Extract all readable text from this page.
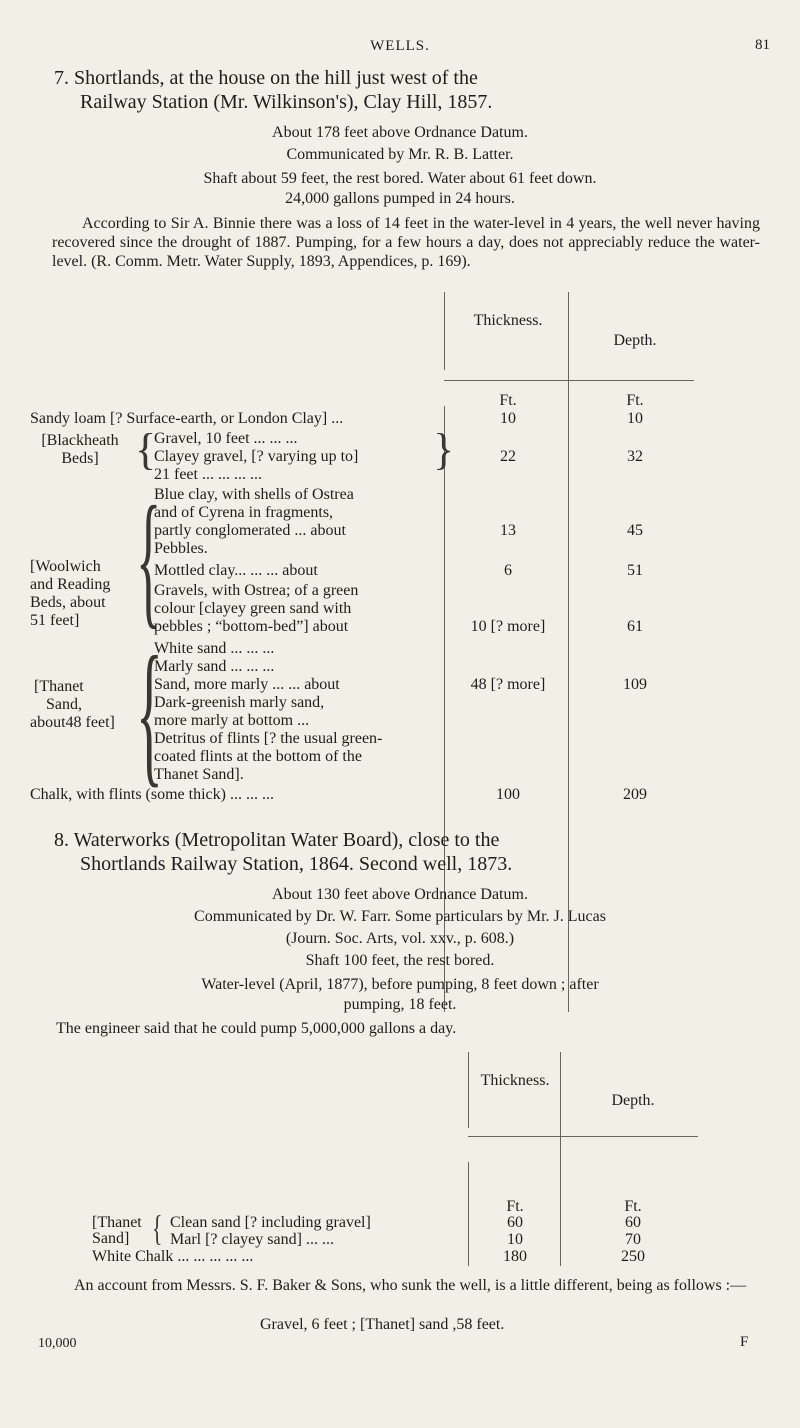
WELLS.	81
7. Shortlands, at the house on the hill just west of the
Railway Station (Mr. Wilkinson's), Clay Hill, 1857.
About 178 feet above Ordnance Datum.
Communicated by Mr. R. B. Latter.
Shaft about 59 feet, the rest bored. Water about 61 feet down.
24,000 gallons pumped in 24 hours.
According to Sir A. Binnie there was a loss of 14 feet in the water-level in 4 years, the well never having recovered since the drought of 1887. Pumping, for a few hours a day, does not appreciably reduce the water-level. (R. Comm. Metr. Water Supply, 1893, Appendices, p. 169).
Thickness.
Depth.
Ft.	Ft.
Sandy loam [? Surface-earth, or London Clay] ...	10	10
[Blackheath Beds] {
Gravel, 10 feet ... ... ...
Clayey gravel, [? varying up to]
21 feet ... ... ... ...
}	22	32
[Woolwich
and Reading
Beds, about
51 feet] {
Blue clay, with shells of Ostrea
and of Cyrena in fragments,
partly conglomerated ... about
Pebbles.
13	45
Mottled clay... ... ... about	6	51
Gravels, with Ostrea; of a green
colour [clayey green sand with
pebbles ; “bottom-bed”] about	10 [? more]	61
[Thanet
Sand,
about48 feet] {
White sand ... ... ...
Marly sand ... ... ...
Sand, more marly ... ... about
Dark-greenish marly sand,
more marly at bottom ...
Detritus of flints [? the usual green-
coated flints at the bottom of the
Thanet Sand].
48 [? more]	109
Chalk, with flints (some thick) ... ... ...	100	209
8. Waterworks (Metropolitan Water Board), close to the
Shortlands Railway Station, 1864. Second well, 1873.
About 130 feet above Ordnance Datum.
Communicated by Dr. W. Farr. Some particulars by Mr. J. Lucas
(Journ. Soc. Arts, vol. xxv., p. 608.)
Shaft 100 feet, the rest bored.
Water-level (April, 1877), before pumping, 8 feet down ; after
pumping, 18 feet.
The engineer said that he could pump 5,000,000 gallons a day.
Thickness.
Depth.
Ft.	Ft.
[Thanet
Sand] { Clean sand [? including gravel]	60	60
Marl [? clayey sand] ... ...	10	70
White Chalk ... ... ... ... ...	180	250
An account from Messrs. S. F. Baker & Sons, who sunk the well, is a little different, being as follows :—
Gravel, 6 feet ; [Thanet] sand ,58 feet.
10,000	F
